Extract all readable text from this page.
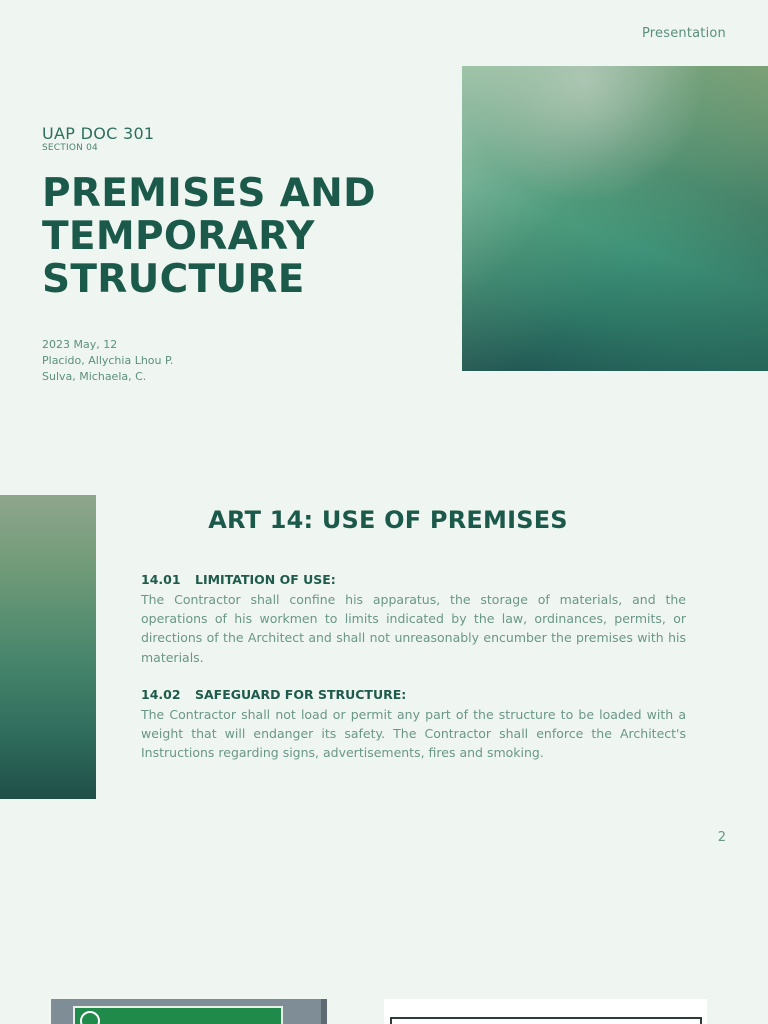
Presentation
UAP DOC 301
SECTION 04
PREMISES AND
TEMPORARY
STRUCTURE
2023 May, 12
Placido, Allychia Lhou P.
Sulva, Michaela, C.
ART 14: USE OF PREMISES
14.01 LIMITATION OF USE:
The Contractor shall confine his apparatus, the storage of materials, and the operations of his workmen to limits indicated by the law, ordinances, permits, or directions of the Architect and shall not unreasonably encumber the premises with his materials.
14.02 SAFEGUARD FOR STRUCTURE:
The Contractor shall not load or permit any part of the structure to be loaded with a weight that will endanger its safety. The Contractor shall enforce the Architect's Instructions regarding signs, advertisements, fires and smoking.
2
